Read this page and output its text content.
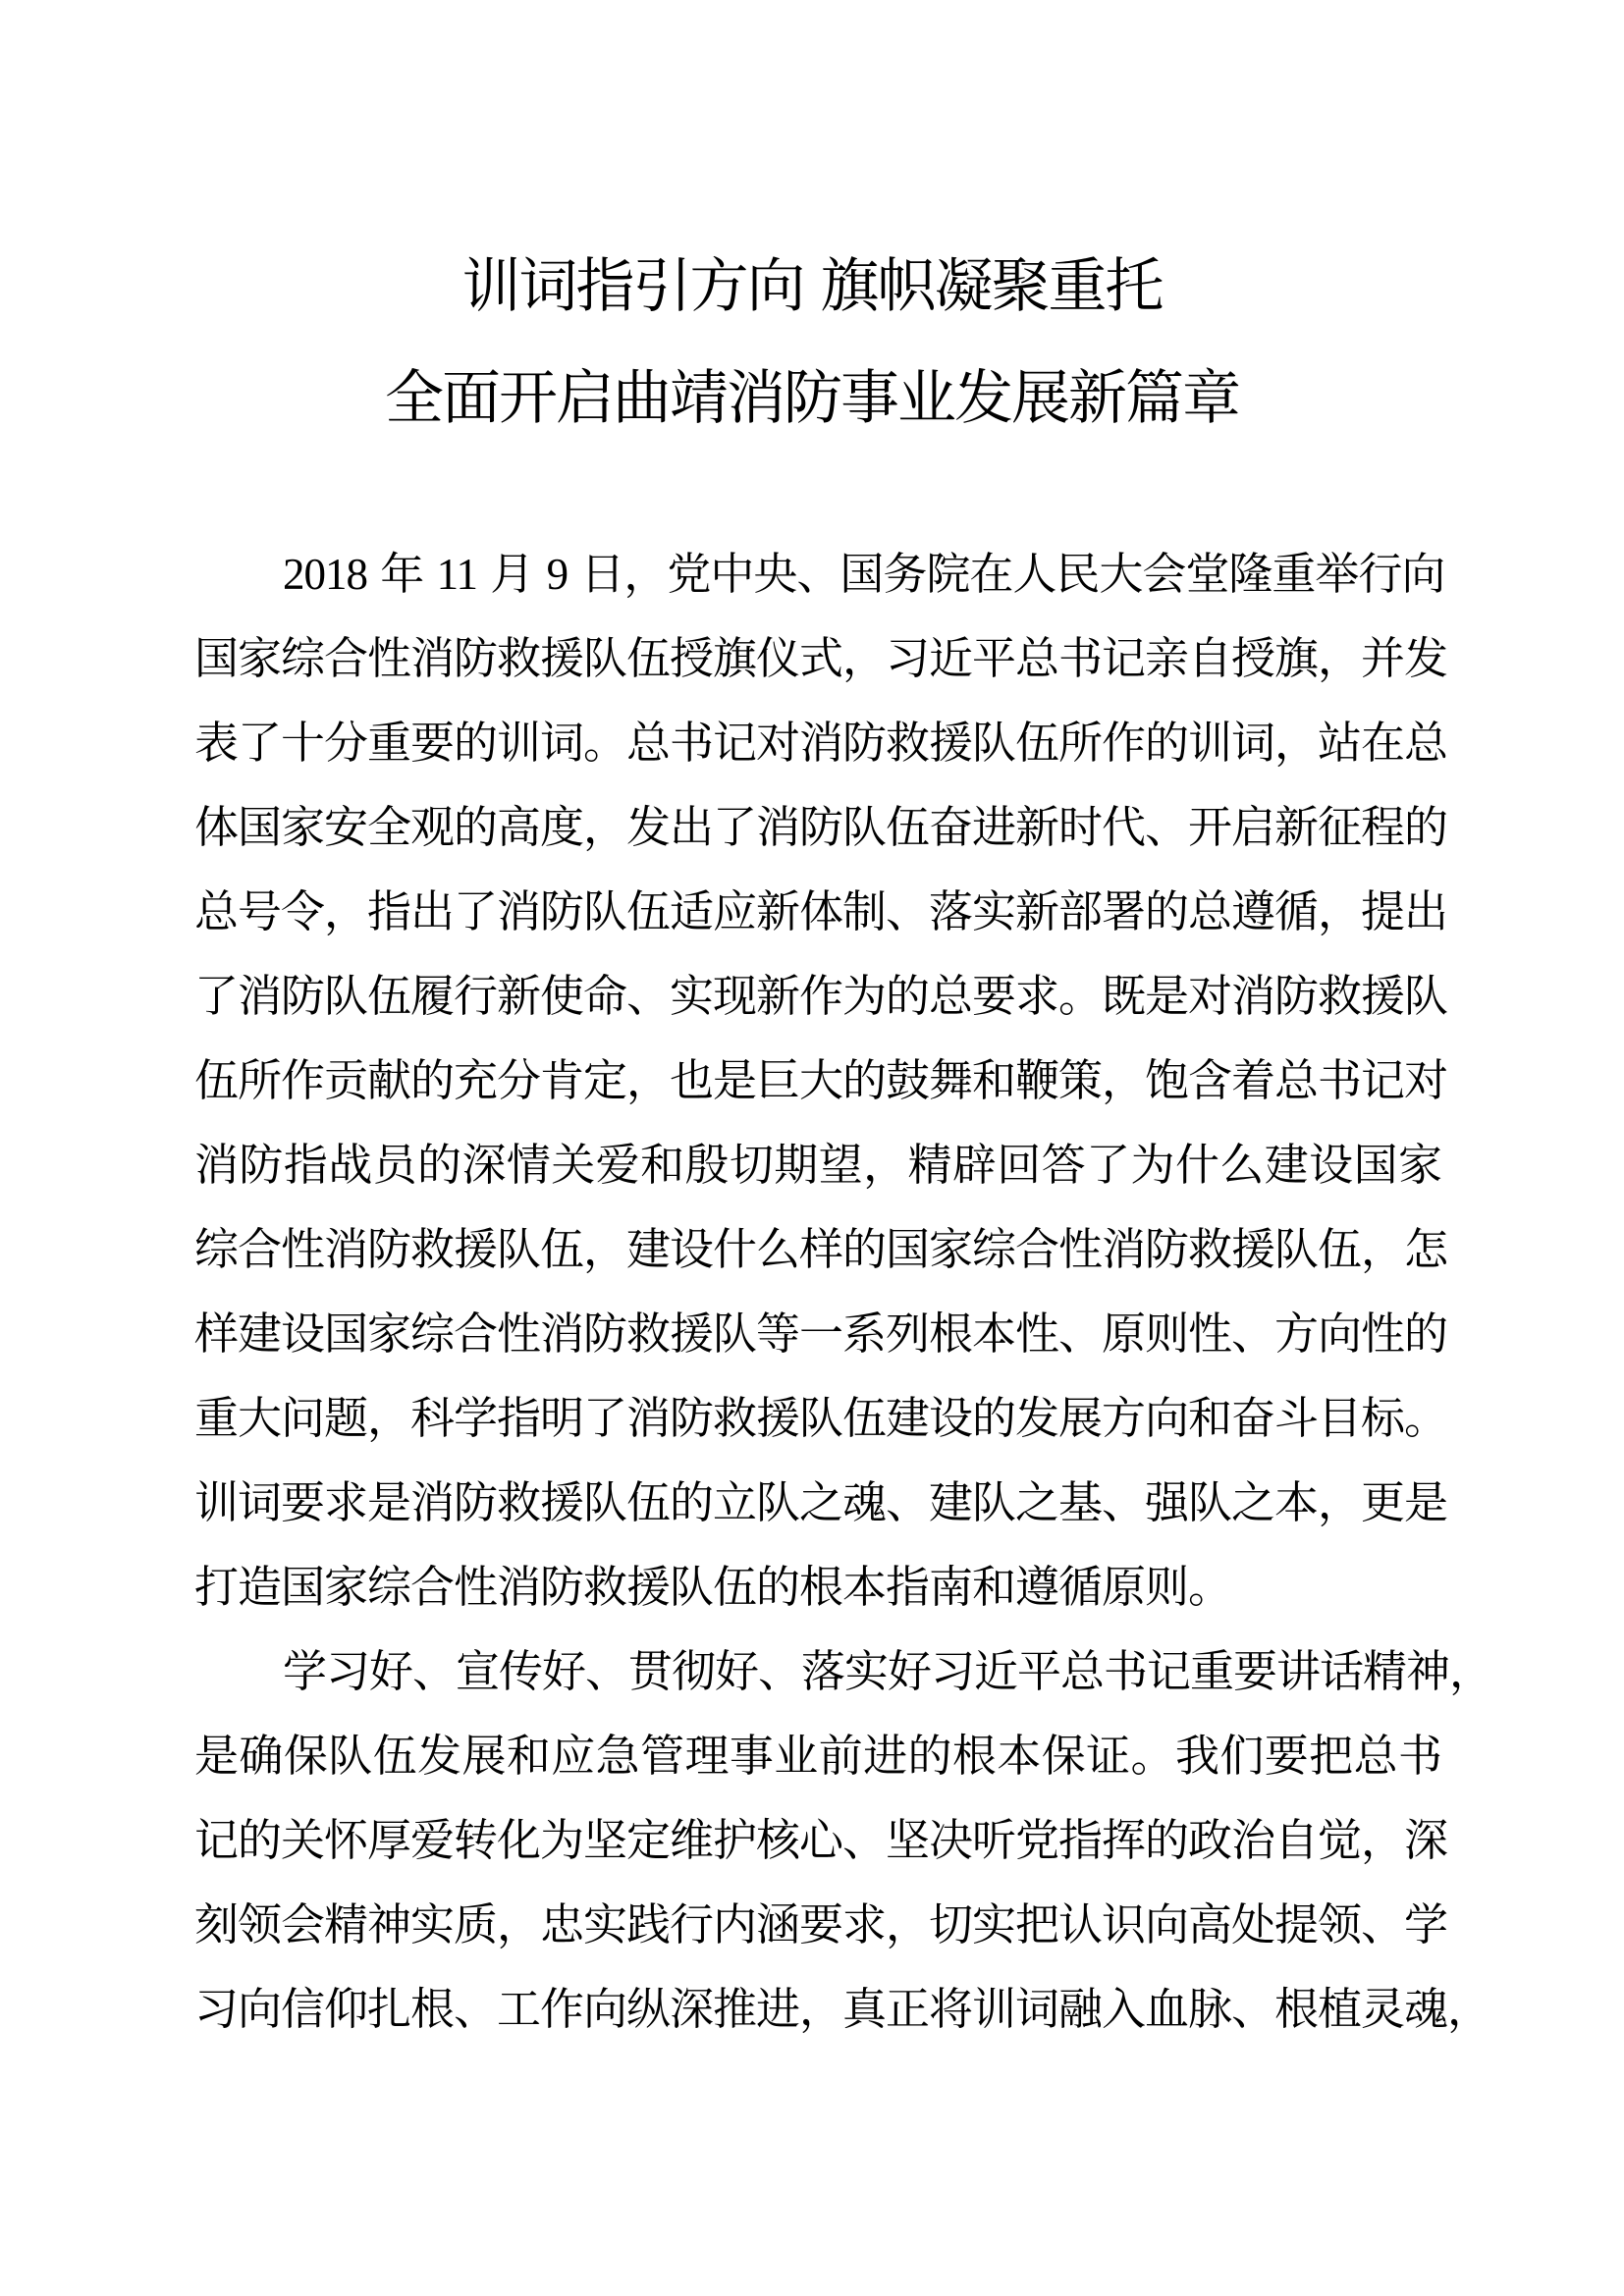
训词指引方向 旗帜凝聚重托
全面开启曲靖消防事业发展新篇章
2018 年 11 月 9 日，党中央、国务院在人民大会堂隆重举行向
国家综合性消防救援队伍授旗仪式，习近平总书记亲自授旗，并发
表了十分重要的训词。总书记对消防救援队伍所作的训词，站在总
体国家安全观的高度，发出了消防队伍奋进新时代、开启新征程的
总号令，指出了消防队伍适应新体制、落实新部署的总遵循，提出
了消防队伍履行新使命、实现新作为的总要求。既是对消防救援队
伍所作贡献的充分肯定，也是巨大的鼓舞和鞭策，饱含着总书记对
消防指战员的深情关爱和殷切期望，精辟回答了为什么建设国家
综合性消防救援队伍，建设什么样的国家综合性消防救援队伍，怎
样建设国家综合性消防救援队等一系列根本性、原则性、方向性的
重大问题，科学指明了消防救援队伍建设的发展方向和奋斗目标。
训词要求是消防救援队伍的立队之魂、建队之基、强队之本，更是
打造国家综合性消防救援队伍的根本指南和遵循原则。
学习好、宣传好、贯彻好、落实好习近平总书记重要讲话精神，
是确保队伍发展和应急管理事业前进的根本保证。我们要把总书
记的关怀厚爱转化为坚定维护核心、坚决听党指挥的政治自觉，深
刻领会精神实质，忠实践行内涵要求，切实把认识向高处提领、学
习向信仰扎根、工作向纵深推进，真正将训词融入血脉、根植灵魂，
